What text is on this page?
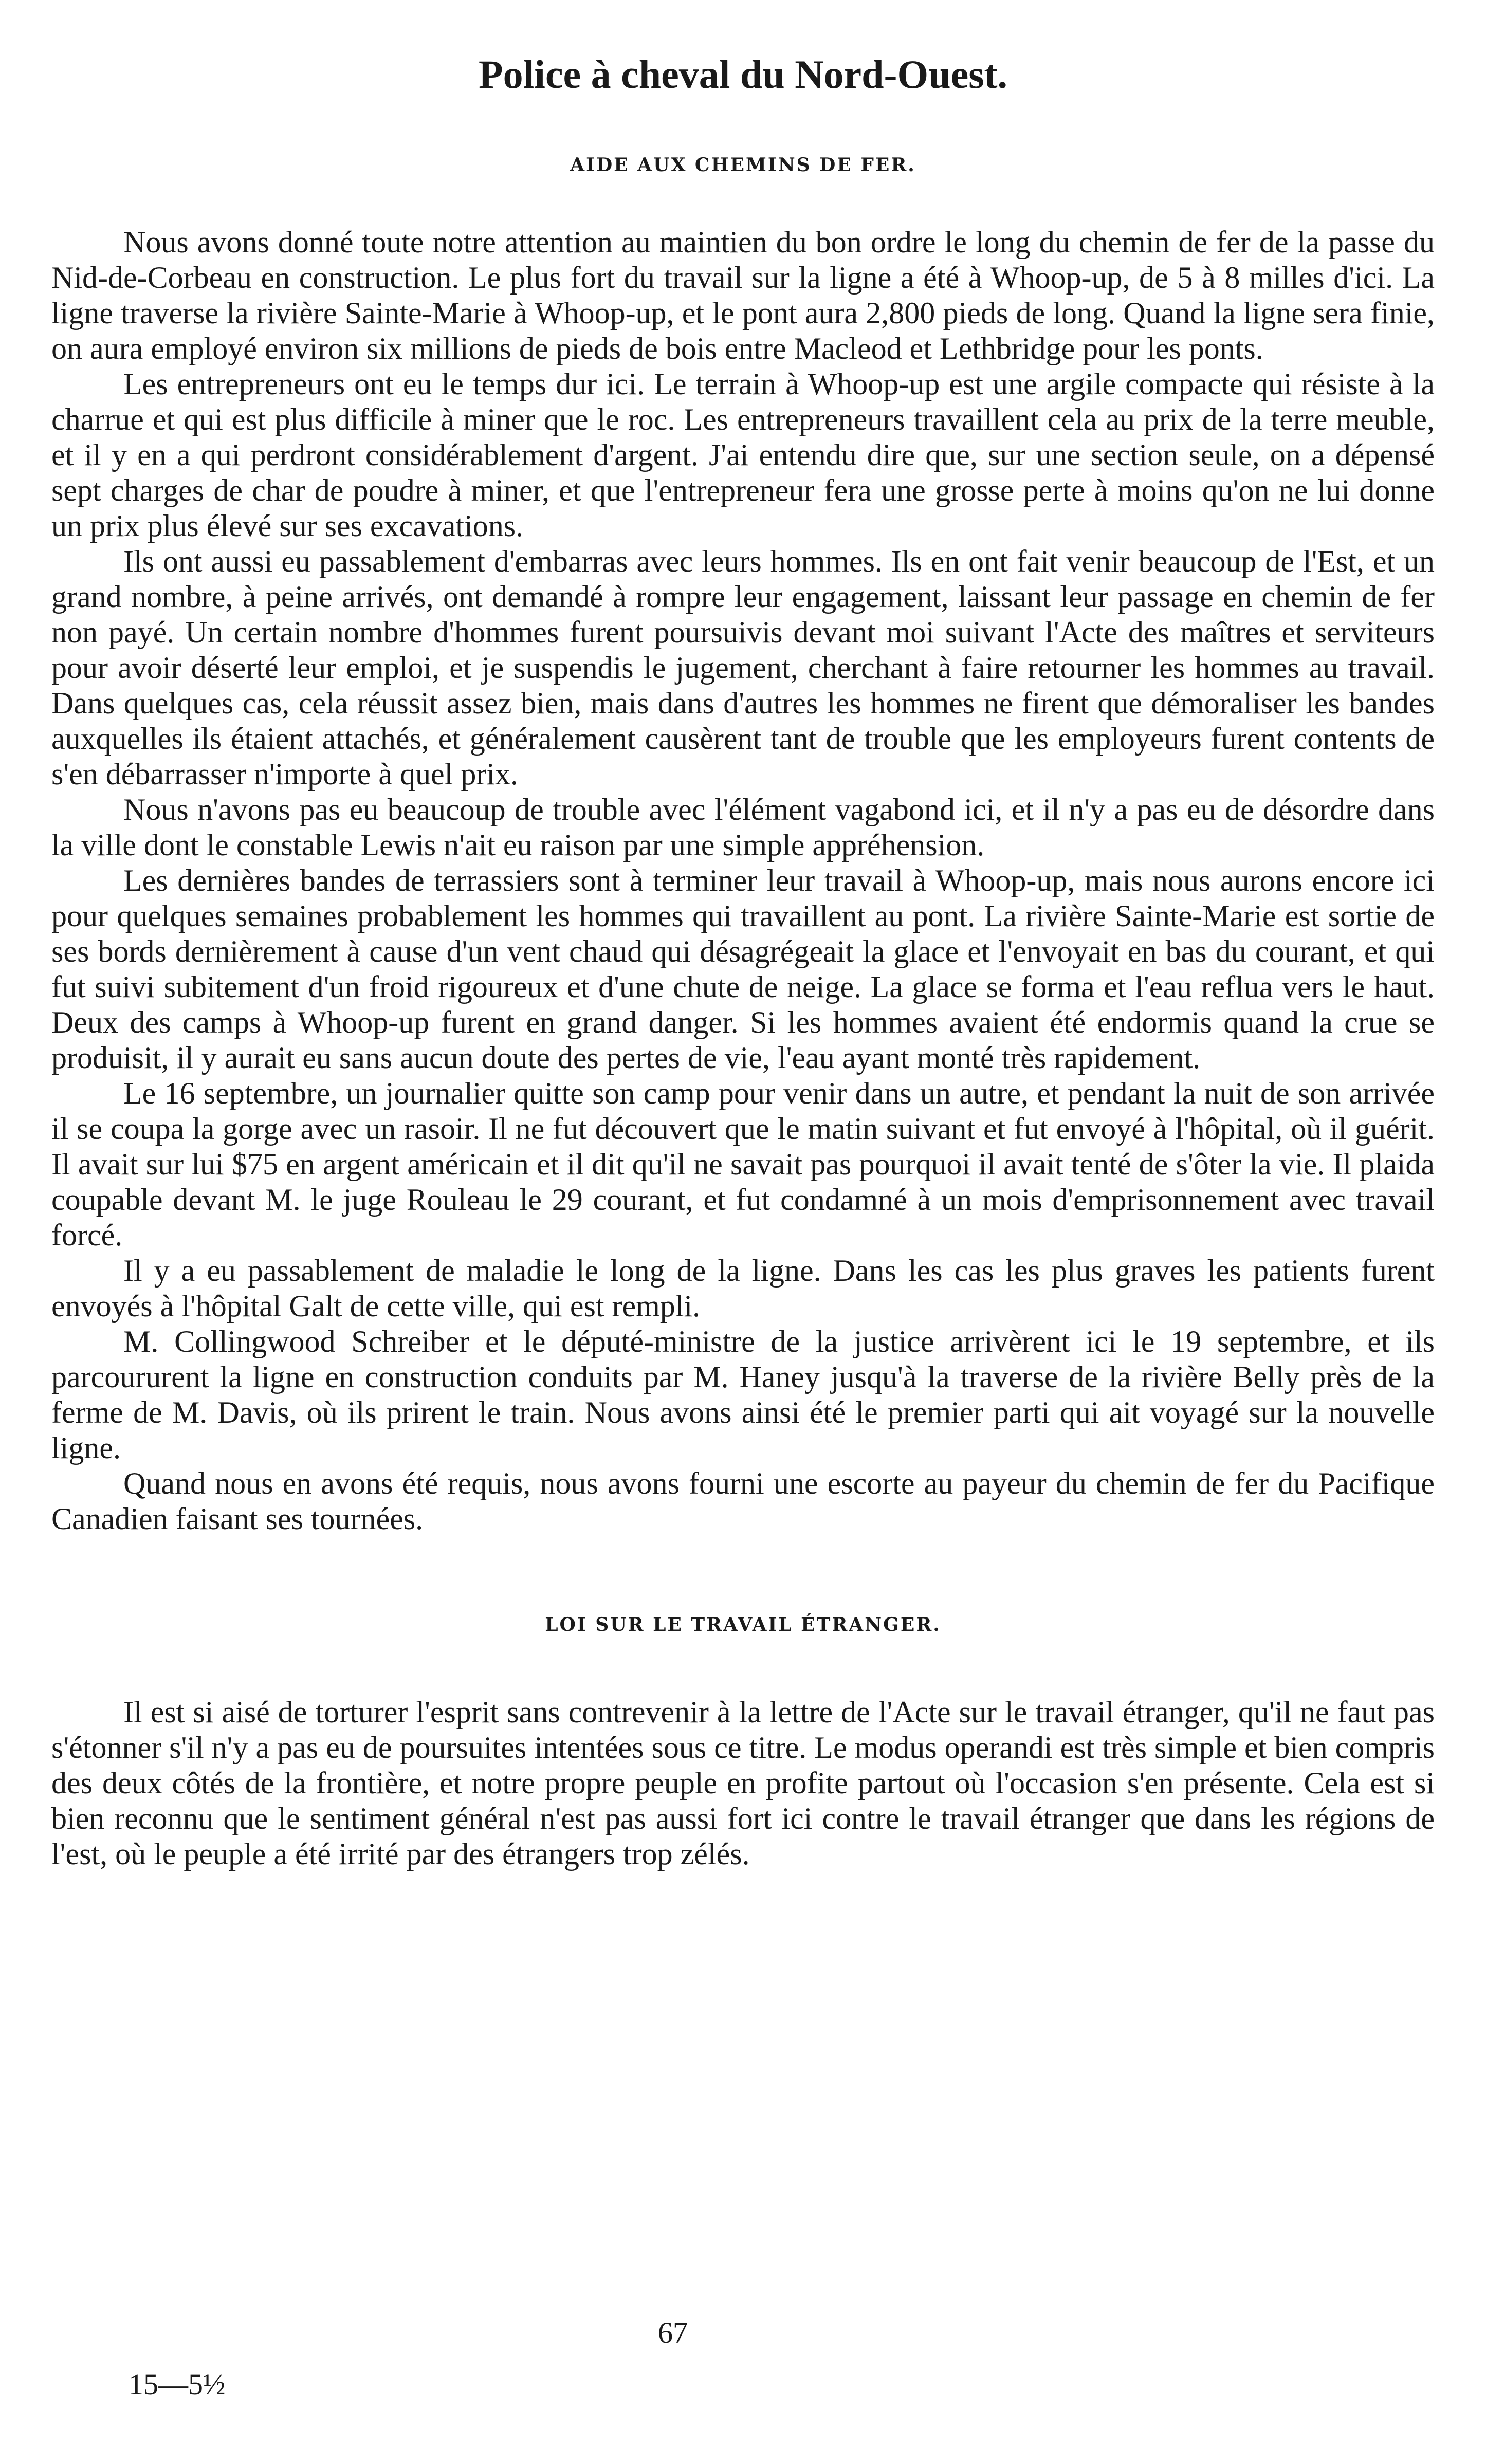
Police à cheval du Nord-Ouest.
AIDE AUX CHEMINS DE FER.

Nous avons donné toute notre attention au maintien du bon ordre le long du chemin de fer de la passe du Nid-de-Corbeau en construction. Le plus fort du travail sur la ligne a été à Whoop-up, de 5 à 8 milles d'ici. La ligne traverse la rivière Sainte-Marie à Whoop-up, et le pont aura 2,800 pieds de long. Quand la ligne sera finie, on aura employé environ six millions de pieds de bois entre Macleod et Lethbridge pour les ponts.

Les entrepreneurs ont eu le temps dur ici. Le terrain à Whoop-up est une argile compacte qui résiste à la charrue et qui est plus difficile à miner que le roc. Les entrepreneurs travaillent cela au prix de la terre meuble, et il y en a qui perdront considérablement d'argent. J'ai entendu dire que, sur une section seule, on a dépensé sept charges de char de poudre à miner, et que l'entrepreneur fera une grosse perte à moins qu'on ne lui donne un prix plus élevé sur ses excavations.

Ils ont aussi eu passablement d'embarras avec leurs hommes. Ils en ont fait venir beaucoup de l'Est, et un grand nombre, à peine arrivés, ont demandé à rompre leur engagement, laissant leur passage en chemin de fer non payé. Un certain nombre d'hommes furent poursuivis devant moi suivant l'Acte des maîtres et serviteurs pour avoir déserté leur emploi, et je suspendis le jugement, cherchant à faire retourner les hommes au travail. Dans quelques cas, cela réussit assez bien, mais dans d'autres les hommes ne firent que démoraliser les bandes auxquelles ils étaient attachés, et généralement causèrent tant de trouble que les employeurs furent contents de s'en débarrasser n'importe à quel prix.

Nous n'avons pas eu beaucoup de trouble avec l'élément vagabond ici, et il n'y a pas eu de désordre dans la ville dont le constable Lewis n'ait eu raison par une simple appréhension.

Les dernières bandes de terrassiers sont à terminer leur travail à Whoop-up, mais nous aurons encore ici pour quelques semaines probablement les hommes qui travaillent au pont. La rivière Sainte-Marie est sortie de ses bords dernièrement à cause d'un vent chaud qui désagrégeait la glace et l'envoyait en bas du courant, et qui fut suivi subitement d'un froid rigoureux et d'une chute de neige. La glace se forma et l'eau reflua vers le haut. Deux des camps à Whoop-up furent en grand danger. Si les hommes avaient été endormis quand la crue se produisit, il y aurait eu sans aucun doute des pertes de vie, l'eau ayant monté très rapidement.

Le 16 septembre, un journalier quitte son camp pour venir dans un autre, et pendant la nuit de son arrivée il se coupa la gorge avec un rasoir. Il ne fut découvert que le matin suivant et fut envoyé à l'hôpital, où il guérit. Il avait sur lui $75 en argent américain et il dit qu'il ne savait pas pourquoi il avait tenté de s'ôter la vie. Il plaida coupable devant M. le juge Rouleau le 29 courant, et fut condamné à un mois d'emprisonnement avec travail forcé.

Il y a eu passablement de maladie le long de la ligne. Dans les cas les plus graves les patients furent envoyés à l'hôpital Galt de cette ville, qui est rempli.

M. Collingwood Schreiber et le député-ministre de la justice arrivèrent ici le 19 septembre, et ils parcoururent la ligne en construction conduits par M. Haney jusqu'à la traverse de la rivière Belly près de la ferme de M. Davis, où ils prirent le train. Nous avons ainsi été le premier parti qui ait voyagé sur la nouvelle ligne.

Quand nous en avons été requis, nous avons fourni une escorte au payeur du chemin de fer du Pacifique Canadien faisant ses tournées.

LOI SUR LE TRAVAIL ÉTRANGER.

Il est si aisé de torturer l'esprit sans contrevenir à la lettre de l'Acte sur le travail étranger, qu'il ne faut pas s'étonner s'il n'y a pas eu de poursuites intentées sous ce titre. Le modus operandi est très simple et bien compris des deux côtés de la frontière, et notre propre peuple en profite partout où l'occasion s'en présente. Cela est si bien reconnu que le sentiment général n'est pas aussi fort ici contre le travail étranger que dans les régions de l'est, où le peuple a été irrité par des étrangers trop zélés.

67
15—5½
